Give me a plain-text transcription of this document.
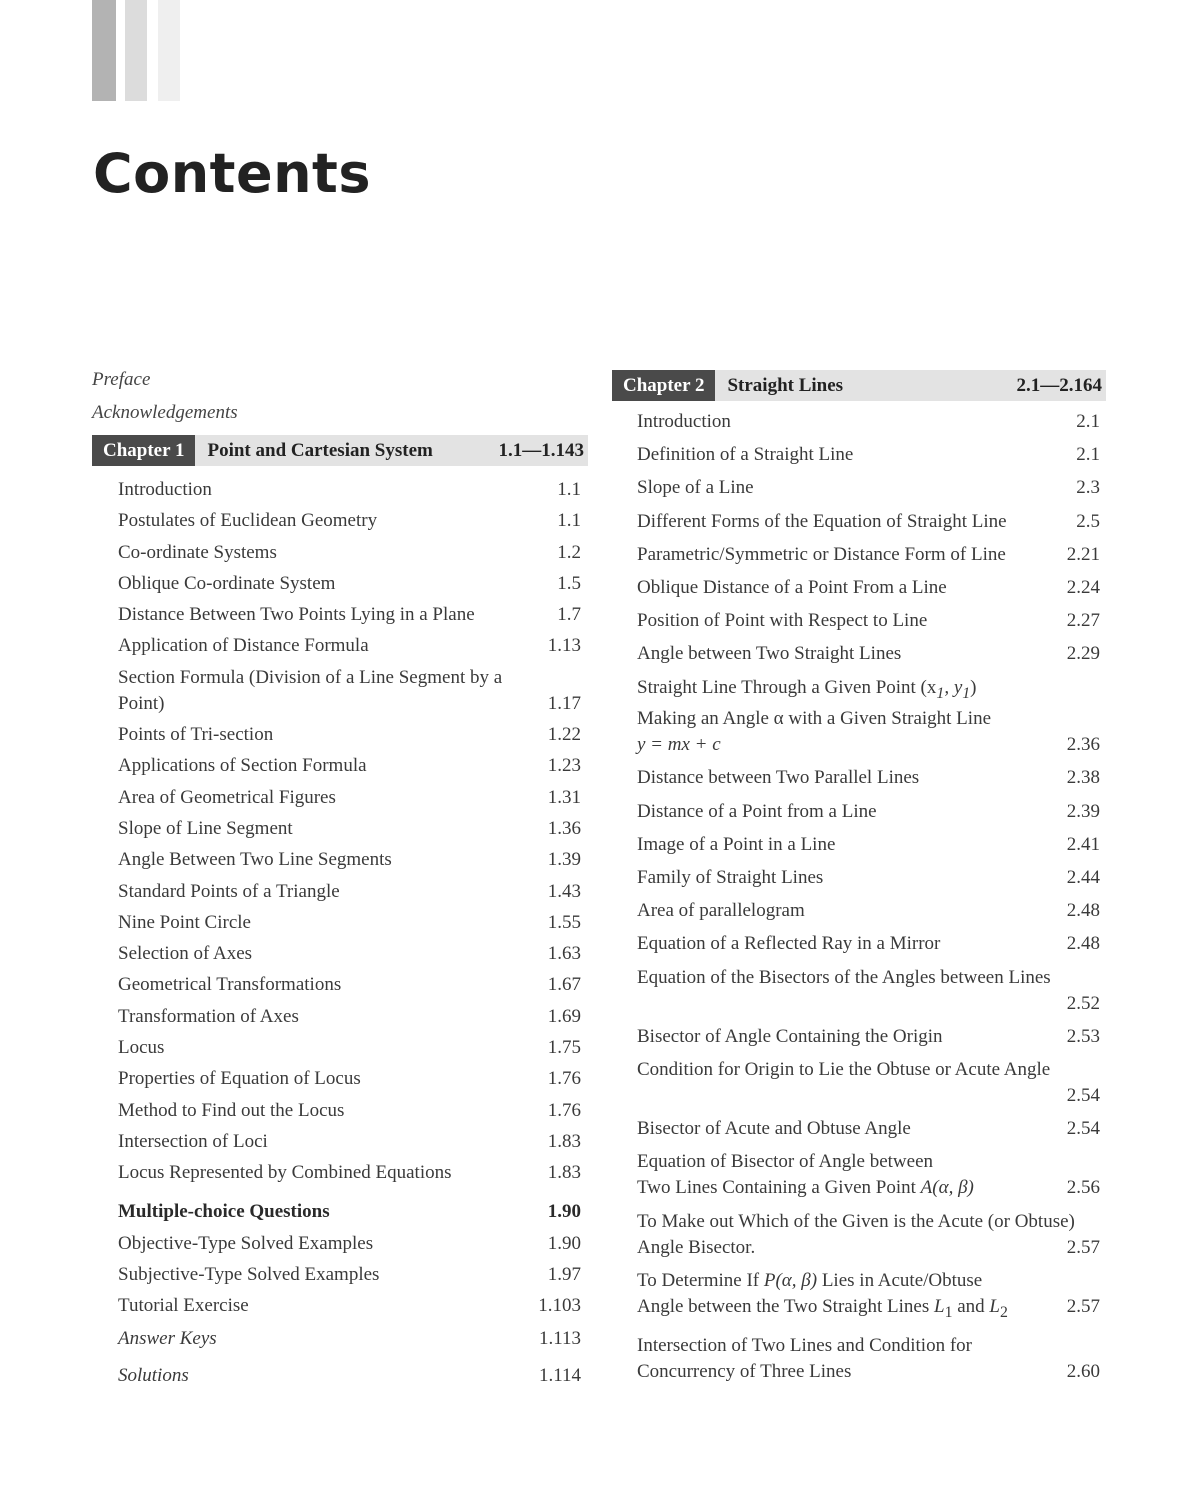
Contents
Preface
Acknowledgements
Chapter 1	Point and Cartesian System	1.1—1.143
Introduction	1.1
Postulates of Euclidean Geometry	1.1
Co-ordinate Systems	1.2
Oblique Co-ordinate System	1.5
Distance Between Two Points Lying in a Plane	1.7
Application of Distance Formula	1.13
Section Formula (Division of a Line Segment by a
Point)	1.17
Points of Tri-section	1.22
Applications of Section Formula	1.23
Area of Geometrical Figures	1.31
Slope of Line Segment	1.36
Angle Between Two Line Segments	1.39
Standard Points of a Triangle	1.43
Nine Point Circle	1.55
Selection of Axes	1.63
Geometrical Transformations	1.67
Transformation of Axes	1.69
Locus	1.75
Properties of Equation of Locus	1.76
Method to Find out the Locus	1.76
Intersection of Loci	1.83
Locus Represented by Combined Equations	1.83
Multiple-choice Questions	1.90
Objective-Type Solved Examples	1.90
Subjective-Type Solved Examples	1.97
Tutorial Exercise	1.103
Answer Keys	1.113
Solutions	1.114
Chapter 2	Straight Lines	2.1—2.164
Introduction	2.1
Definition of a Straight Line	2.1
Slope of a Line	2.3
Different Forms of the Equation of Straight Line	2.5
Parametric/Symmetric or Distance Form of Line	2.21
Oblique Distance of a Point From a Line	2.24
Position of Point with Respect to Line	2.27
Angle between Two Straight Lines	2.29
Straight Line Through a Given Point ($x_1$, $y_1$)
Making an Angle α with a Given Straight Line
y = mx + c	2.36
Distance between Two Parallel Lines	2.38
Distance of a Point from a Line	2.39
Image of a Point in a Line	2.41
Family of Straight Lines	2.44
Area of parallelogram	2.48
Equation of a Reflected Ray in a Mirror	2.48
Equation of the Bisectors of the Angles between Lines
2.52
Bisector of Angle Containing the Origin	2.53
Condition for Origin to Lie the Obtuse or Acute Angle
2.54
Bisector of Acute and Obtuse Angle	2.54
Equation of Bisector of Angle between
Two Lines Containing a Given Point A(α, β)	2.56
To Make out Which of the Given is the Acute (or Obtuse)
Angle Bisector.	2.57
To Determine If P(α, β) Lies in Acute/Obtuse
Angle between the Two Straight Lines $L_1$ and $L_2$	2.57
Intersection of Two Lines and Condition for
Concurrency of Three Lines	2.60
